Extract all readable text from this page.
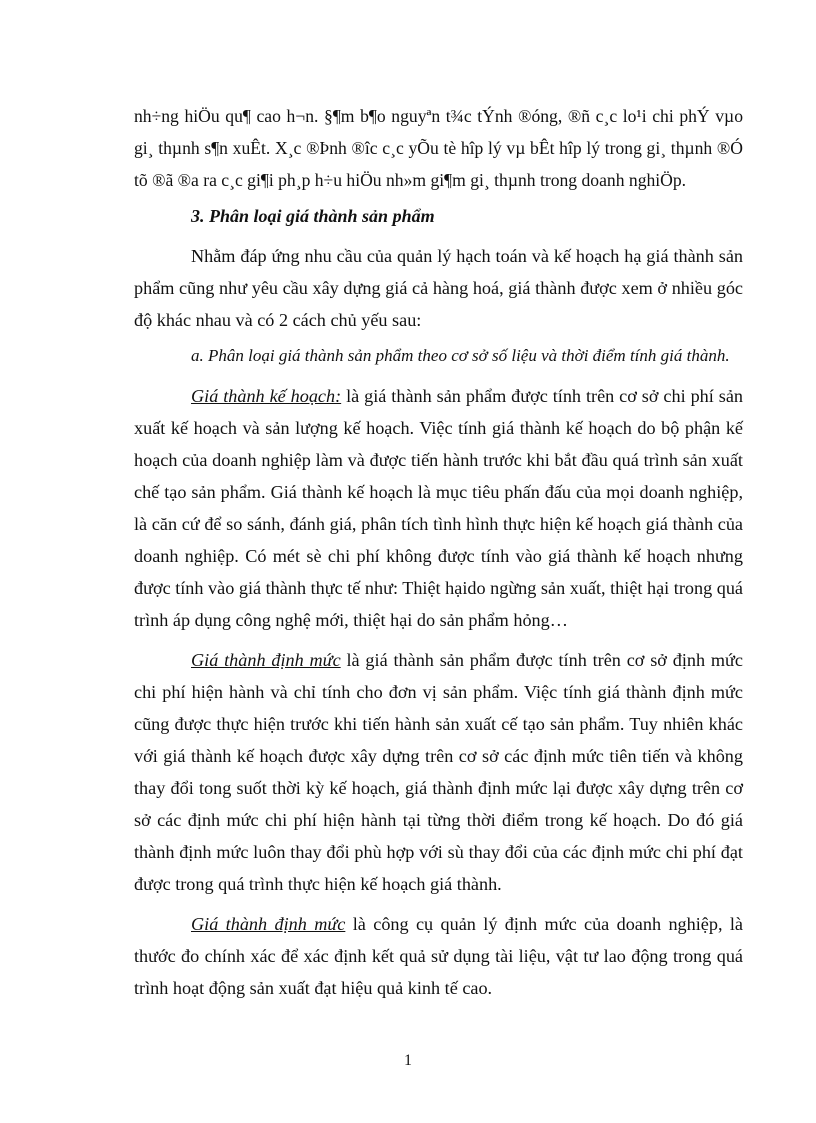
nh÷ng hiÖu qu¶ cao h¬n. §¶m b¶o nguyªn t¾c tÝnh ®óng, ®ñ c¸c lo¹i chi phÝ vµo gi¸ thµnh s¶n xuÊt. X¸c ®Þnh ®îc c¸c yÕu tè hîp lý vµ bÊt hîp lý trong gi¸ thµnh ®Ó tõ ®ã ®a ra c¸c gi¶i ph¸p h÷u hiÖu nh»m gi¶m gi¸ thµnh trong doanh nghiÖp.

3. Phân loại giá thành sản phẩm

Nhằm đáp ứng nhu cầu của quản lý hạch toán và kế hoạch hạ giá thành sản phẩm cũng như yêu cầu xây dựng giá cả hàng hoá, giá thành được xem ở nhiều góc độ khác nhau và có 2 cách chủ yếu sau:

a. Phân loại giá thành sản phẩm theo cơ sở số liệu và thời điểm tính giá thành.

Giá thành kế hoạch: là giá thành sản phẩm được tính trên cơ sở chi phí sản xuất kế hoạch và sản lượng kế hoạch. Việc tính giá thành kế hoạch do bộ phận kế hoạch của doanh nghiệp làm và được tiến hành trước khi bắt đầu quá trình sản xuất chế tạo sản phẩm. Giá thành kế hoạch là mục tiêu phấn đấu của mọi doanh nghiệp, là căn cứ để so sánh, đánh giá, phân tích tình hình thực hiện kế hoạch giá thành của doanh nghiệp. Có mét sè chi phí không được tính vào giá thành kế hoạch nhưng được tính vào giá thành thực tế như: Thiệt hạido ngừng sản xuất, thiệt hại trong quá trình áp dụng công nghệ mới, thiệt hại do sản phẩm hỏng…

Giá thành định mức là giá thành sản phẩm được tính trên cơ sở định mức chi phí hiện hành và chỉ tính cho đơn vị sản phẩm. Việc tính giá thành định mức cũng được thực hiện trước khi tiến hành sản xuất cế tạo sản phẩm. Tuy nhiên khác với giá thành kế hoạch được xây dựng trên cơ sở các định mức tiên tiến và không thay đổi tong suốt thời kỳ kế hoạch, giá thành định mức lại được xây dựng trên cơ sở các định mức chi phí hiện hành tại từng thời điểm trong kế hoạch. Do đó giá thành định mức luôn thay đổi phù hợp với sù thay đổi của các định mức chi phí đạt được trong quá trình thực hiện kế hoạch giá thành.

Giá thành định mức là công cụ quản lý định mức của doanh nghiệp, là thước đo chính xác để xác định kết quả sử dụng tài liệu, vật tư lao động trong quá trình hoạt động sản xuất đạt hiệu quả kinh tế cao.

1
